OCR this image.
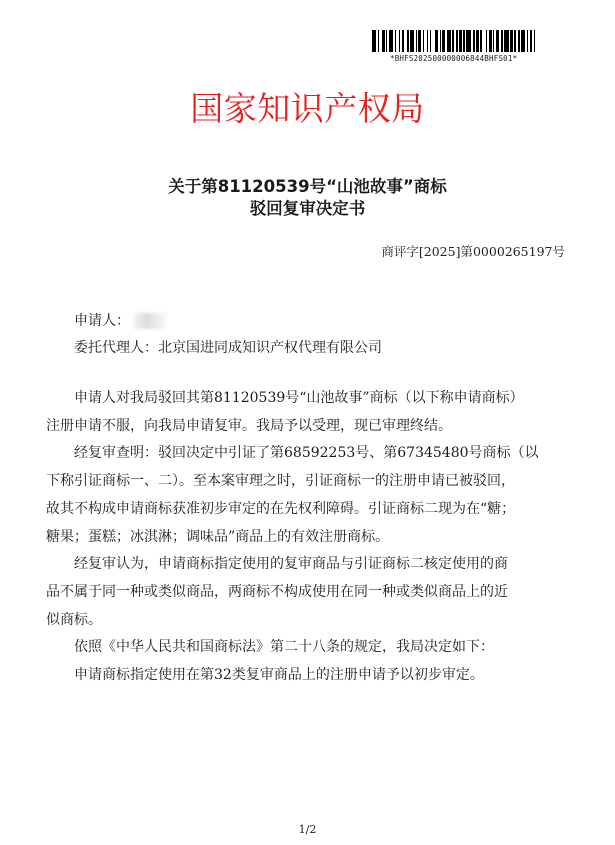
*BHFS202500000006844BHFS01*
国家知识产权局
关于第81120539号“山池故事”商标
驳回复审决定书
商评字[2025]第0000265197号
申请人：
委托代理人：北京国进同成知识产权代理有限公司

申请人对我局驳回其第81120539号“山池故事”商标（以下称申请商标）
注册申请不服，向我局申请复审。我局予以受理，现已审理终结。

经复审查明：驳回决定中引证了第68592253号、第67345480号商标（以
下称引证商标一、二）。至本案审理之时，引证商标一的注册申请已被驳回，
故其不构成申请商标获准初步审定的在先权利障碍。引证商标二现为在“糖；
糖果；蛋糕；冰淇淋；调味品”商品上的有效注册商标。

经复审认为，申请商标指定使用的复审商品与引证商标二核定使用的商
品不属于同一种或类似商品，两商标不构成使用在同一种或类似商品上的近
似商标。

依照《中华人民共和国商标法》第二十八条的规定，我局决定如下：

申请商标指定使用在第32类复审商品上的注册申请予以初步审定。

1/2
